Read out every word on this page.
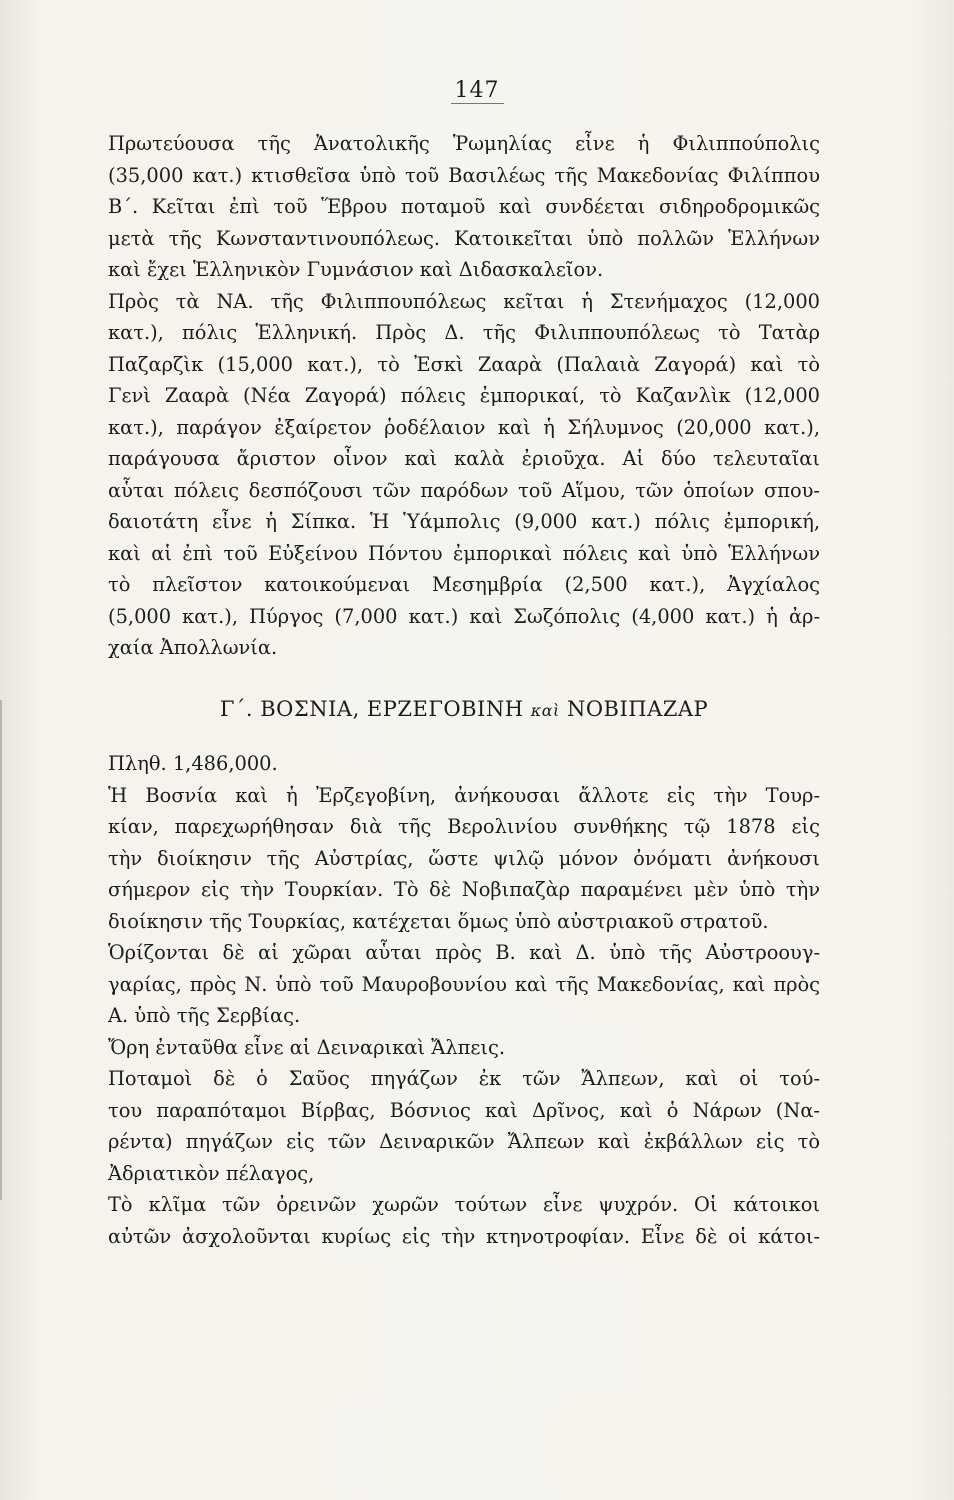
147

Πρωτεύουσα τῆς Ἀνατολικῆς Ῥωμηλίας εἶνε ἡ Φιλιππούπολις
(35,000 κατ.) κτισθεῖσα ὑπὸ τοῦ Βασιλέως τῆς Μακεδονίας Φιλίππου
Β΄. Κεῖται ἐπὶ τοῦ Ἕβρου ποταμοῦ καὶ συνδέεται σιδηροδρομικῶς
μετὰ τῆς Κωνσταντινουπόλεως. Κατοικεῖται ὑπὸ πολλῶν Ἑλλήνων
καὶ ἔχει Ἑλληνικὸν Γυμνάσιον καὶ Διδασκαλεῖον.

Πρὸς τὰ ΝΑ. τῆς Φιλιππουπόλεως κεῖται ἡ Στενήμαχος (12,000
κατ.), πόλις Ἑλληνική. Πρὸς Δ. τῆς Φιλιππουπόλεως τὸ Τατὰρ
Παζαρζὶκ (15,000 κατ.), τὸ Ἐσκὶ Ζααρὰ (Παλαιὰ Ζαγορά) καὶ τὸ
Γενὶ Ζααρὰ (Νέα Ζαγορά) πόλεις ἐμπορικαί, τὸ Καζανλὶκ (12,000
κατ.), παράγον ἐξαίρετον ῥοδέλαιον καὶ ἡ Σήλυμνος (20,000 κατ.),
παράγουσα ἄριστον οἶνον καὶ καλὰ ἐριοῦχα. Αἱ δύο τελευταῖαι
αὗται πόλεις δεσπόζουσι τῶν παρόδων τοῦ Αἵμου, τῶν ὁποίων σπου-
δαιοτάτη εἶνε ἡ Σίπκα. Ἡ Ὑάμπολις (9,000 κατ.) πόλις ἐμπορική,
καὶ αἱ ἐπὶ τοῦ Εὐξείνου Πόντου ἐμπορικαὶ πόλεις καὶ ὑπὸ Ἑλλήνων
τὸ πλεῖστον κατοικούμεναι Μεσημβρία (2,500 κατ.), Ἀγχίαλος
(5,000 κατ.), Πύργος (7,000 κατ.) καὶ Σωζόπολις (4,000 κατ.) ἡ ἀρ-
χαία Ἀπολλωνία.

Γ΄. ΒΟΣΝΙΑ, ΕΡΖΕΓΟΒΙΝΗ καὶ ΝΟΒΙΠΑΖΑΡ

Πληθ. 1,486,000.

Ἡ Βοσνία καὶ ἡ Ἐρζεγοβίνη, ἀνήκουσαι ἄλλοτε εἰς τὴν Τουρ-
κίαν, παρεχωρήθησαν διὰ τῆς Βερολινίου συνθήκης τῷ 1878 εἰς
τὴν διοίκησιν τῆς Αὐστρίας, ὥστε ψιλῷ μόνον ὀνόματι ἀνήκουσι
σήμερον εἰς τὴν Τουρκίαν. Τὸ δὲ Νοβιπαζὰρ παραμένει μὲν ὑπὸ τὴν
διοίκησιν τῆς Τουρκίας, κατέχεται ὅμως ὑπὸ αὐστριακοῦ στρατοῦ.

Ὁρίζονται δὲ αἱ χῶραι αὗται πρὸς Β. καὶ Δ. ὑπὸ τῆς Αὐστροουγ-
γαρίας, πρὸς Ν. ὑπὸ τοῦ Μαυροβουνίου καὶ τῆς Μακεδονίας, καὶ πρὸς
Α. ὑπὸ τῆς Σερβίας.

Ὄρη ἐνταῦθα εἶνε αἱ Δειναρικαὶ Ἄλπεις.

Ποταμοὶ δὲ ὁ Σαῦος πηγάζων ἐκ τῶν Ἄλπεων, καὶ οἱ τού-
του παραπόταμοι Βίρβας, Βόσνιος καὶ Δρῖνος, καὶ ὁ Νάρων (Να-
ρέντα) πηγάζων εἰς τῶν Δειναρικῶν Ἄλπεων καὶ ἐκβάλλων εἰς τὸ
Ἀδριατικὸν πέλαγος,

Τὸ κλῖμα τῶν ὀρεινῶν χωρῶν τούτων εἶνε ψυχρόν. Οἱ κάτοικοι
αὐτῶν ἀσχολοῦνται κυρίως εἰς τὴν κτηνοτροφίαν. Εἶνε δὲ οἱ κάτοι-
